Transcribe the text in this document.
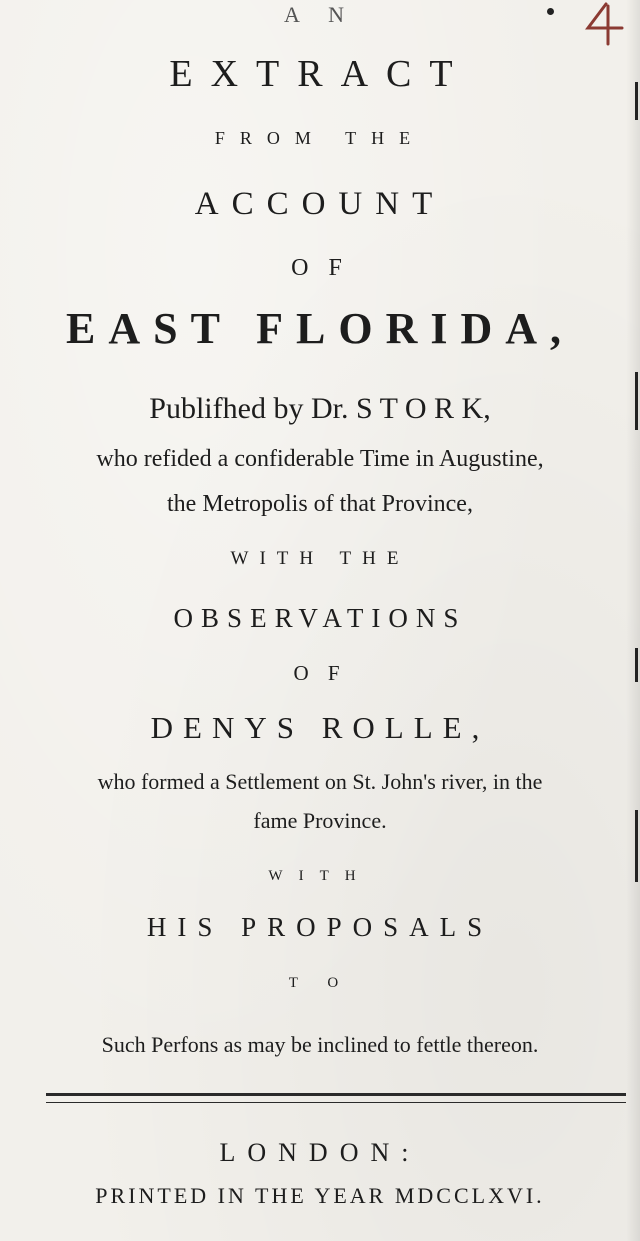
A N
EXTRACT
FROM THE
ACCOUNT
O F
EAST FLORIDA,
Publifhed by Dr. S T O R K,
who refided a confiderable Time in Augustine,
the Metropolis of that Province,
WITH THE
OBSERVATIONS
O F
DENYS ROLLE,
who formed a Settlement on St. John's river, in the
fame Province.
WITH
HIS PROPOSALS
T O
Such Perfons as may be inclined to fettle thereon.
LONDON:
PRINTED IN THE YEAR MDCCLXVI.
